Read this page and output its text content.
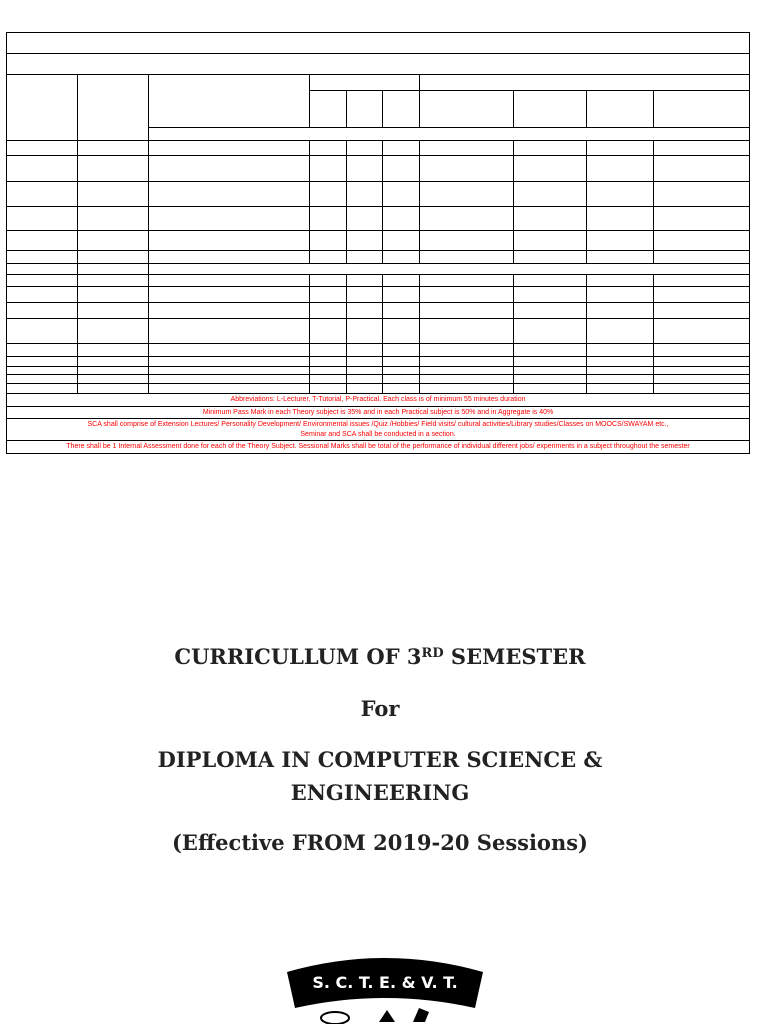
Abbreviations: L-Lecturer, T-Tutorial, P-Practical. Each class is of minimum 55 minutes duration									
Minimum Pass Mark in each Theory subject is 35% and in each Practical subject is 50% and in Aggregate is 40%									

SCA shall comprise of Extension Lectures/ Personality Development/ Environmental issues /Quiz /Hobbies/ Field visits/ cultural activities/Library studies/Classes on MOOCS/SWAYAM etc.,
Seminar and SCA shall be conducted in a section.									

There shall be 1 Internal Assessment done for each of the Theory Subject. Sessional Marks shall be total of the performance of individual different jobs/ experiments in a subject throughout the semester									
CURRICULLUM OF 3RD SEMESTER
For
DIPLOMA IN COMPUTER SCIENCE &
ENGINEERING
(Effective FROM 2019-20 Sessions)
S. C. T. E. & V. T.
